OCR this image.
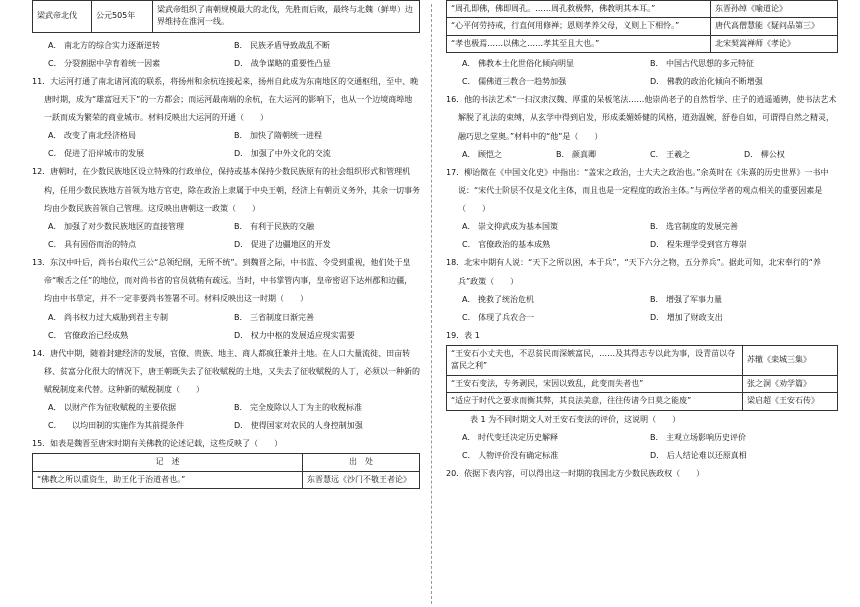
梁武帝北伐	公元505年	梁武帝组织了南朝规模最大的北伐，先胜而后败，最终与北魏（鲜卑）边界维持在淮河一线。
A． 南北方的综合实力逐渐逆转	B． 民族矛盾导致战乱不断
C． 分裂割据中孕育着统一因素	D． 战争谋略的重要性凸显

11．大运河打通了南北诸河流的联系，将扬州和余杭连接起来，扬州自此成为东南地区的交通枢纽，至中、晚唐时期，成为“雄富冠天下”的一方都会；而运河最南端的余杭，在大运河的影响下，也从一个边境商埠地一跃而成为繁荣的商业城市。材料反映出大运河的开通（　　）

A． 改变了南北经济格局	B． 加快了隋朝统一进程
C． 促进了沿岸城市的发展	D． 加强了中外文化的交流

12．唐朝时，在少数民族地区设立特殊的行政单位，保持或基本保持少数民族原有的社会组织形式和管理机构，任用少数民族地方首领为地方官吏，除在政治上隶属于中央王朝，经济上有朝贡义务外，其余一切事务均由少数民族首领自己管理。这反映出唐朝这一政策（　　）

A． 加强了对少数民族地区的直接管理	B． 有利于民族的交融
C． 具有因俗而治的特点	D． 促进了边疆地区的开发

13．东汉中叶后，尚书台取代三公“总领纪纲，无所不统”。到魏晋之际，中书监、令受到重视，他们处于皇帝“喉舌之任”的地位，而对尚书省的官员就稍有疏远。当时，中书掌管内事，皇帝密诏下达州郡和边疆，均由中书草定，并不一定非要尚书签署不可。材料反映出这一时期（　　）

A． 尚书权力过大威胁到君主专制	B． 三省制度日渐完善
C． 官僚政治已经成熟	D． 权力中枢的发展适应现实需要

14．唐代中期，随着封建经济的发展，官僚、贵族、地主、商人都疯狂兼并土地。在人口大量流徙、田亩转移、贫富分化很大的情况下，唐王朝既失去了征收赋税的土地，又失去了征收赋税的人丁，必须以一种新的赋税制度来代替。这种新的赋税制度（　　）

A． 以财产作为征收赋税的主要依据	B． 完全废除以人丁为主的收税标准
C． 　以均田制的实施作为其前提条件	D． 使得国家对农民的人身控制加强

15．如表是魏晋至唐宋时期有关佛教的论述记载，这些反映了（　　）

记　述	出　处
“佛教之所以重资生，助王化于治道者也。”	东晋慧远《沙门不敬王者论》
“周孔即佛，佛即周孔。……周孔救极弊，佛教明其本耳。”	东晋孙绰《喻道论》
“心平何劳持戒，行直何用修禅；恩则孝养父母，义则上下相怜。”	唐代高僧慧能《疑问品第三》
“孝也极焉……以佛之……孝其至且大也。”	北宋契嵩禅师《孝论》
A． 佛教本土化世俗化倾向明显	B． 中国古代思想的多元特征
C． 儒佛道三教合一趋势加强	D． 佛教的政治化倾向不断增强

16．他的书法艺术“一扫汉隶汉魏、厚重的呆板笔法……他崇尚老子的自然哲学、庄子的逍遥遁骋，使书法艺术解脱了礼法的束缚，从玄学中得到启发，形成柔媚娇健的风格，道劲温婉，舒卷自如，可谓得自然之精灵，融巧思之堂奥。”材料中的“他”是（　　）

A． 顾恺之	B． 颜真卿	C． 王羲之	D． 柳公权

17．柳诒徵在《中国文化史》中指出：“盖宋之政治，士大夫之政治也。”余英时在《朱熹的历史世界》一书中说：“宋代士阶层不仅是文化主体，而且也是一定程度的政治主体。”与两位学者的观点相关的重要因素是（　　）

A． 崇文抑武成为基本国策	B． 选官制度的发展完善
C． 官僚政治的基本成熟	D． 程朱理学受到官方尊崇

18．北宋中期有人说：“天下之所以困，本于兵”，“天下六分之物，五分养兵”。据此可知，北宋奉行的“养兵”政策（　　）

A． 挽救了统治危机	B． 增强了军事力量
C． 体现了兵农合一	D． 增加了财政支出

19．表 1

“王安石小丈夫也，不忍贫民而深嫉富民，……及其得志专以此为事，设青苗以夺富民之利”	苏辙《栾城三集》
“王安石变法，专务剥民，宋因以致乱，此变而失者也”	张之洞《劝学篇》
“适应于时代之要求而衡其弊，其良法美意，往往传诸今日莫之能废”	梁启超《王安石传》

表 1 为不同时期文人对王安石变法的评价，这说明（　　）

A． 时代变迁决定历史解释	B． 主观立场影响历史评价
C． 人物评价没有确定标准	D． 后人结论难以还原真相

20．依据下表内容，可以得出这一时期的我国北方少数民族政权（　　）
